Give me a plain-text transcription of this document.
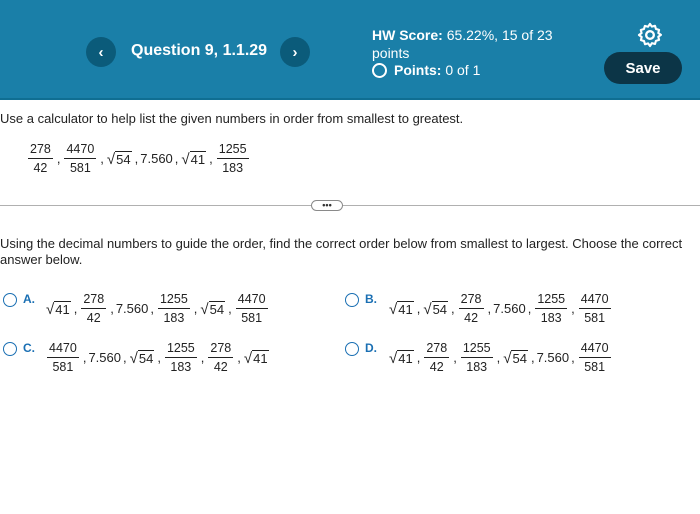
‹ Question 9, 1.1.29 ›
HW Score: 65.22%, 15 of 23 points
Points: 0 of 1	Save
Use a calculator to help list the given numbers in order from smallest to greatest.
$\frac{278}{42}$ , $\frac{4470}{581}$ , √ 54 , 7.560 , √ 41 , $\frac{1255}{183}$
•••
Using the decimal numbers to guide the order, find the correct order below from smallest to largest. Choose the correct answer below.
A.
√ 41 , $\frac{278}{42}$ , 7.560 , $\frac{1255}{183}$ , √ 54 , $\frac{4470}{581}$	B.
√ 41 , √ 54 , $\frac{278}{42}$ , 7.560 , $\frac{1255}{183}$ , $\frac{4470}{581}$
C. $\frac{4470}{581}$ , 7.560 , √ 54 , $\frac{1255}{183}$ , $\frac{278}{42}$ , √ 41
D.
√ 41 , $\frac{278}{42}$ , $\frac{1255}{183}$ , √ 54 , 7.560 , $\frac{4470}{581}$
